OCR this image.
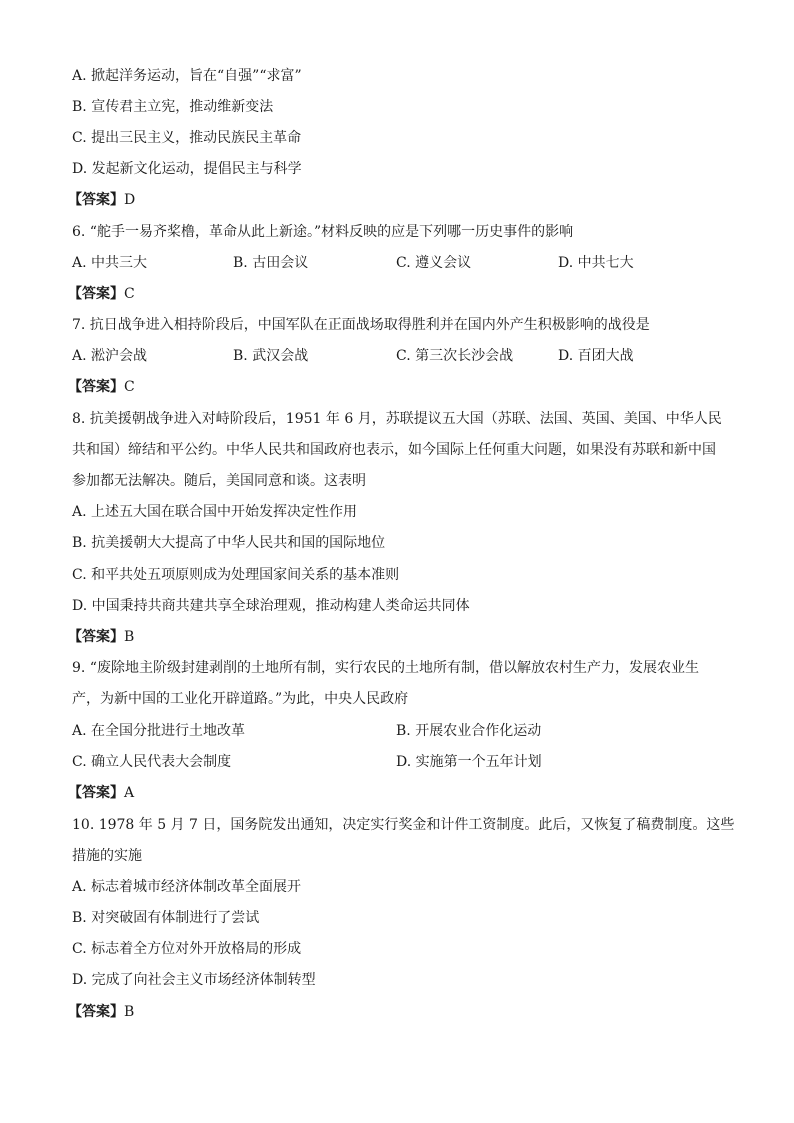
A. 掀起洋务运动，旨在“自强”“求富”
B. 宣传君主立宪，推动维新变法
C. 提出三民主义，推动民族民主革命
D. 发起新文化运动，提倡民主与科学
【答案】D
6. “舵手一易齐桨橹，革命从此上新途。”材料反映的应是下列哪一历史事件的影响
A. 中共三大	B. 古田会议	C. 遵义会议	D. 中共七大
【答案】C
7. 抗日战争进入相持阶段后，中国军队在正面战场取得胜利并在国内外产生积极影响的战役是
A. 淞沪会战	B. 武汉会战	C. 第三次长沙会战	D. 百团大战
【答案】C
8. 抗美援朝战争进入对峙阶段后，1951 年 6 月，苏联提议五大国（苏联、法国、英国、美国、中华人民
共和国）缔结和平公约。中华人民共和国政府也表示，如今国际上任何重大问题，如果没有苏联和新中国
参加都无法解决。随后，美国同意和谈。这表明
A. 上述五大国在联合国中开始发挥决定性作用
B. 抗美援朝大大提高了中华人民共和国的国际地位
C. 和平共处五项原则成为处理国家间关系的基本准则
D. 中国秉持共商共建共享全球治理观，推动构建人类命运共同体
【答案】B
9. “废除地主阶级封建剥削的土地所有制，实行农民的土地所有制，借以解放农村生产力，发展农业生
产，为新中国的工业化开辟道路。”为此，中央人民政府
A. 在全国分批进行土地改革	B. 开展农业合作化运动
C. 确立人民代表大会制度	D. 实施第一个五年计划
【答案】A
10. 1978 年 5 月 7 日，国务院发出通知，决定实行奖金和计件工资制度。此后，又恢复了稿费制度。这些
措施的实施
A. 标志着城市经济体制改革全面展开
B. 对突破固有体制进行了尝试
C. 标志着全方位对外开放格局的形成
D. 完成了向社会主义市场经济体制转型
【答案】B
